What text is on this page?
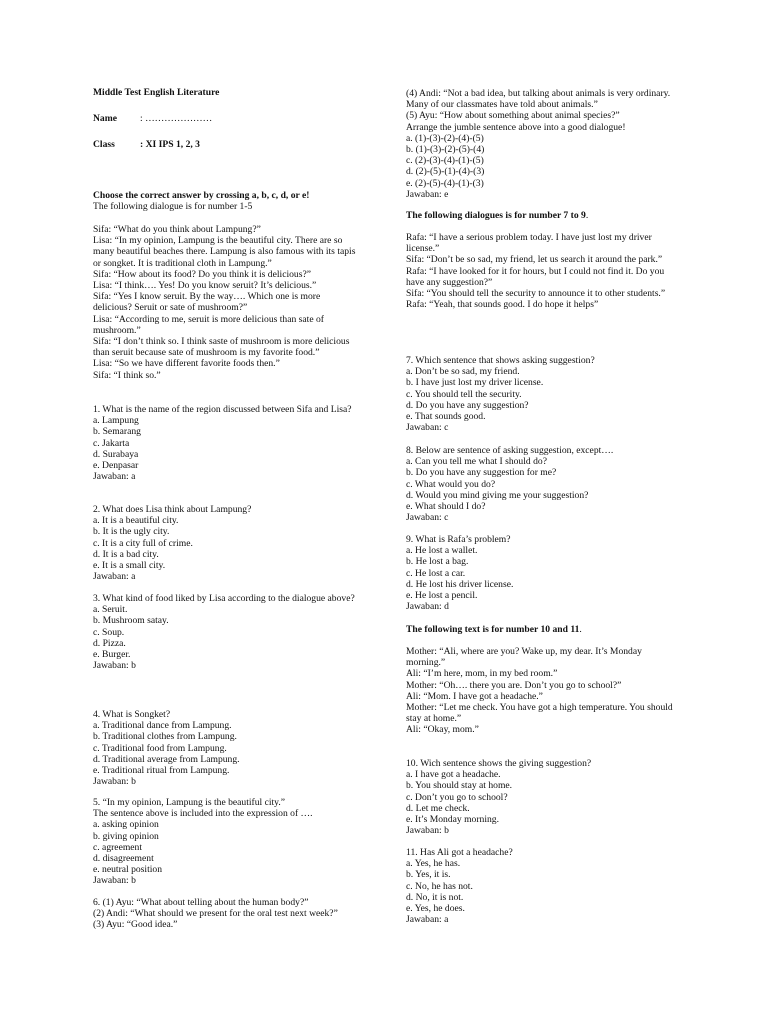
Middle Test English Literature
Name : …………………
Class	: XI IPS 1, 2, 3

Choose the correct answer by crossing a, b, c, d, or e!

The following dialogue is for number 1-5

Sifa: “What do you think about Lampung?”

Lisa: “In my opinion, Lampung is the beautiful city. There are so many beautiful beaches there. Lampung is also famous with its tapis or songket. It is traditional cloth in Lampung.”

Sifa: “How about its food? Do you think it is delicious?”

Lisa: “I think…. Yes! Do you know seruit? It’s delicious.”

Sifa: “Yes I know seruit. By the way…. Which one is more delicious? Seruit or sate of mushroom?”

Lisa: “According to me, seruit is more delicious than sate of mushroom.”

Sifa: “I don’t think so. I think saste of mushroom is more delicious than seruit because sate of mushroom is my favorite food.”

Lisa: “So we have different favorite foods then.”

Sifa: “I think so.”

1. What is the name of the region discussed between Sifa and Lisa?

a. Lampung

b. Semarang

c. Jakarta

d. Surabaya

e. Denpasar

Jawaban: a

2. What does Lisa think about Lampung?

a. It is a beautiful city.

b. It is the ugly city.

c. It is a city full of crime.

d. It is a bad city.

e. It is a small city.

Jawaban: a

3. What kind of food liked by Lisa according to the dialogue above?

a. Seruit.

b. Mushroom satay.

c. Soup.

d. Pizza.

e. Burger.

Jawaban: b

4. What is Songket?

a. Traditional dance from Lampung.

b. Traditional clothes from Lampung.

c. Traditional food from Lampung.

d. Traditional average from Lampung.

e. Traditional ritual from Lampung.

Jawaban: b

5. “In my opinion, Lampung is the beautiful city.”

The sentence above is included into the expression of ….

a. asking opinion

b. giving opinion

c. agreement

d. disagreement

e. neutral position

Jawaban: b

6. (1) Ayu: “What about telling about the human body?”

(2) Andi: “What should we present for the oral test next week?”

(3) Ayu: “Good idea.”

(4) Andi: “Not a bad idea, but talking about animals is very ordinary. Many of our classmates have told about animals.”

(5) Ayu: “How about something about animal species?”

Arrange the jumble sentence above into a good dialogue!

a. (1)-(3)-(2)-(4)-(5)

b. (1)-(3)-(2)-(5)-(4)

c. (2)-(3)-(4)-(1)-(5)

d. (2)-(5)-(1)-(4)-(3)

e. (2)-(5)-(4)-(1)-(3)

Jawaban: e

The following dialogues is for number 7 to 9.

Rafa: “I have a serious problem today. I have just lost my driver license.”

Sifa: “Don’t be so sad, my friend, let us search it around the park.”

Rafa: “I have looked for it for hours, but I could not find it. Do you have any suggestion?”

Sifa: “You should tell the security to announce it to other students.”

Rafa: “Yeah, that sounds good. I do hope it helps”

7. Which sentence that shows asking suggestion?

a. Don’t be so sad, my friend.

b. I have just lost my driver license.

c. You should tell the security.

d. Do you have any suggestion?

e. That sounds good.

Jawaban: c

8. Below are sentence of asking suggestion, except….

a. Can you tell me what I should do?

b. Do you have any suggestion for me?

c. What would you do?

d. Would you mind giving me your suggestion?

e. What should I do?

Jawaban: c

9. What is Rafa’s problem?

a. He lost a wallet.

b. He lost a bag.

c. He lost a car.

d. He lost his driver license.

e. He lost a pencil.

Jawaban: d

The following text is for number 10 and 11.

Mother: “Ali, where are you? Wake up, my dear. It’s Monday morning.”

Ali: “I’m here, mom, in my bed room.”

Mother: “Oh…. there you are. Don’t you go to school?”

Ali: “Mom. I have got a headache.”

Mother: “Let me check. You have got a high temperature. You should stay at home.”

Ali: “Okay, mom.”

10. Wich sentence shows the giving suggestion?

a. I have got a headache.

b. You should stay at home.

c. Don’t you go to school?

d. Let me check.

e. It’s Monday morning.

Jawaban: b

11. Has Ali got a headache?

a. Yes, he has.

b. Yes, it is.

c. No, he has not.

d. No, it is not.

e. Yes, he does.

Jawaban: a
